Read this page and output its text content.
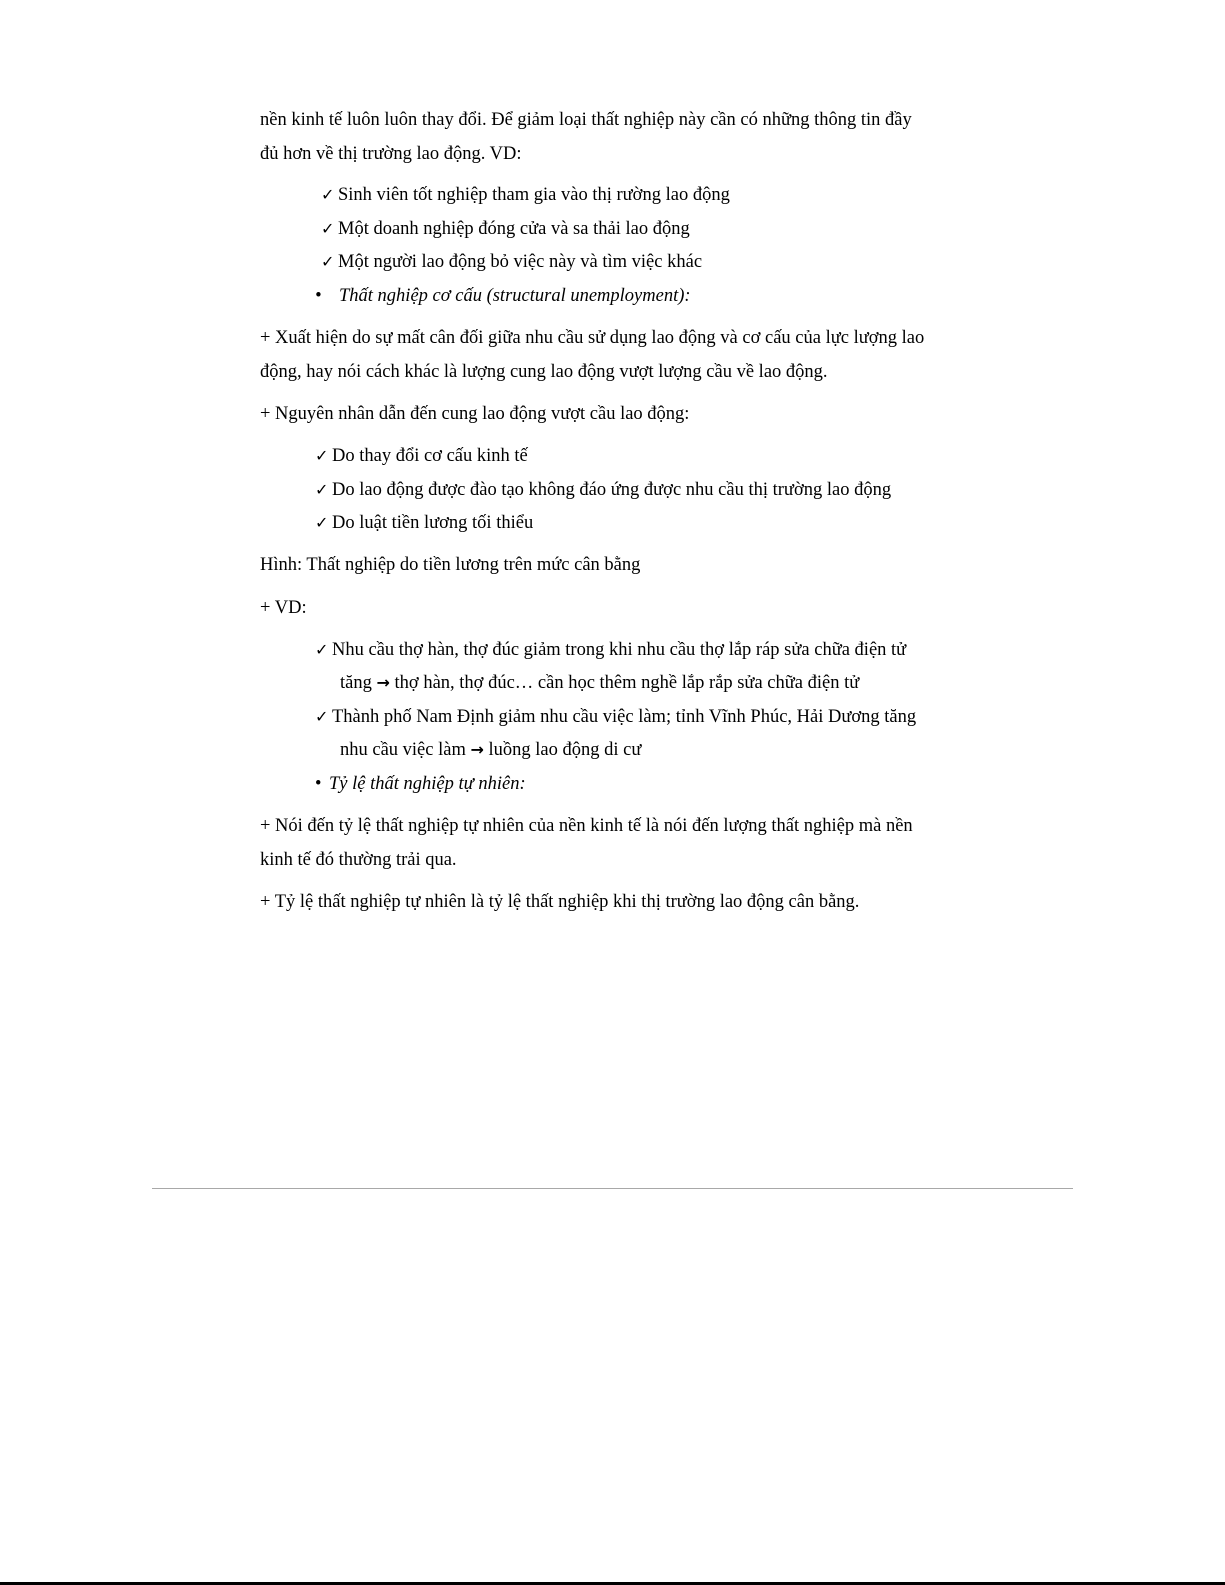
nền kinh tế luôn luôn thay đổi. Để giảm loại thất nghiệp này cần có những thông tin đầy
đủ hơn về thị trường lao động. VD:
✓ Sinh viên tốt nghiệp tham gia vào thị rường lao động
✓ Một doanh nghiệp đóng cửa và sa thải lao động
✓ Một người lao động bỏ việc này và tìm việc khác
• Thất nghiệp cơ cấu (structural unemployment):
+ Xuất hiện do sự mất cân đối giữa nhu cầu sử dụng lao động và cơ cấu của lực lượng lao
động, hay nói cách khác là lượng cung lao động vượt lượng cầu về lao động.
+ Nguyên nhân dẫn đến cung lao động vượt cầu lao động:
✓ Do thay đổi cơ cấu kinh tế
✓ Do lao động được đào tạo không đáo ứng được nhu cầu thị trường lao động
✓ Do luật tiền lương tối thiểu
Hình: Thất nghiệp do tiền lương trên mức cân bằng
+ VD:
✓ Nhu cầu thợ hàn, thợ đúc giảm trong khi nhu cầu thợ lắp ráp sửa chữa điện tử
tăng → thợ hàn, thợ đúc… cần học thêm nghề lắp rắp sửa chữa điện tử
✓ Thành phố Nam Định giảm nhu cầu việc làm; tỉnh Vĩnh Phúc, Hải Dương tăng
nhu cầu việc làm → luồng lao động di cư
• Tỷ lệ thất nghiệp tự nhiên:
+ Nói đến tỷ lệ thất nghiệp tự nhiên của nền kinh tế là nói đến lượng thất nghiệp mà nền
kinh tế đó thường trải qua.
+ Tỷ lệ thất nghiệp tự nhiên là tỷ lệ thất nghiệp khi thị trường lao động cân bằng.
